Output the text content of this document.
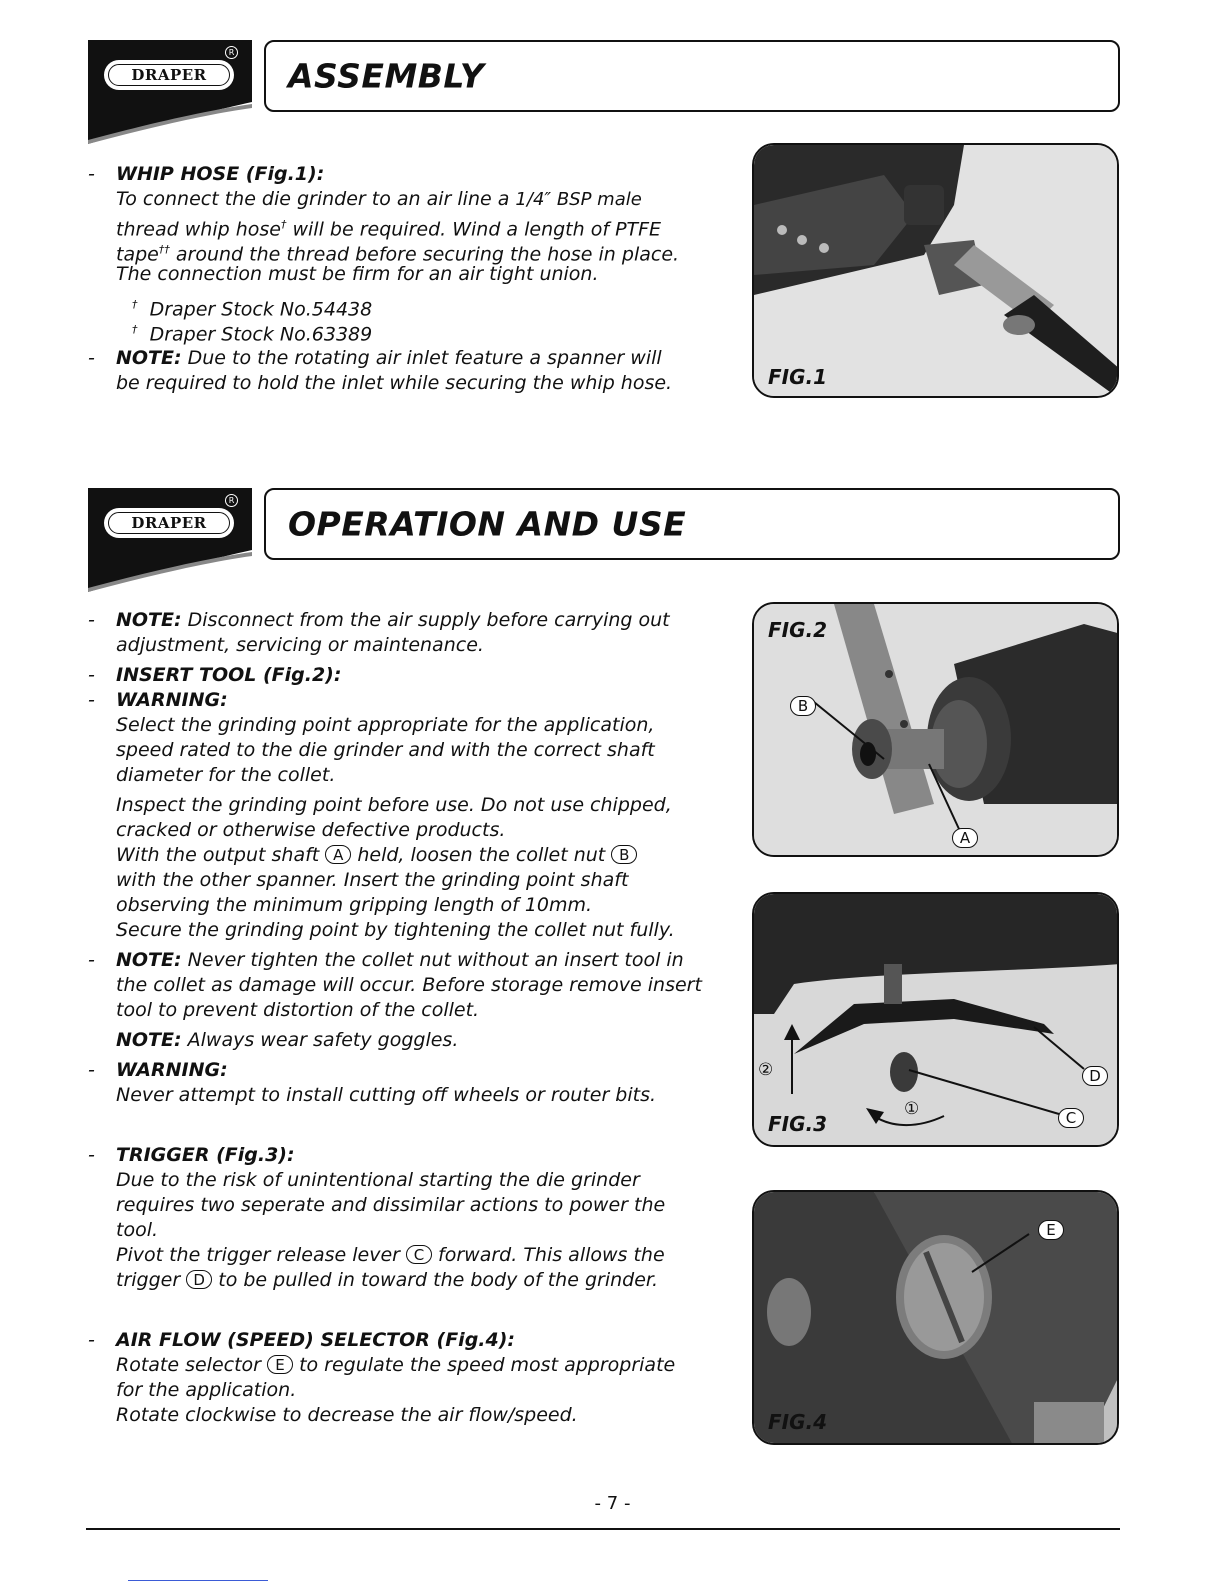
DRAPER
R
ASSEMBLY
- WHIP HOSE (Fig.1):
To connect the die grinder to an air line a 1/4″ BSP male
thread whip hose† will be required. Wind a length of PTFE
tape†† around the thread before securing the hose in place.
The connection must be firm for an air tight union.
† Draper Stock No.54438
† Draper Stock No.63389
- NOTE: Due to the rotating air inlet feature a spanner will
be required to hold the inlet while securing the whip hose.	FIG.1
DRAPER
R
OPERATION AND USE
- NOTE: Disconnect from the air supply before carrying out
adjustment, servicing or maintenance.
- INSERT TOOL (Fig.2):
- WARNING:
Select the grinding point appropriate for the application,
speed rated to the die grinder and with the correct shaft
diameter for the collet.
Inspect the grinding point before use. Do not use chipped,
cracked or otherwise defective products.
With the output shaft A held, loosen the collet nut B
with the other spanner. Insert the grinding point shaft
observing the minimum gripping length of 10mm.
Secure the grinding point by tightening the collet nut fully.
- NOTE: Never tighten the collet nut without an insert tool in
the collet as damage will occur. Before storage remove insert
tool to prevent distortion of the collet.
NOTE: Always wear safety goggles.
- WARNING:
Never attempt to install cutting off wheels or router bits.
- TRIGGER (Fig.3):
Due to the risk of unintentional starting the die grinder
requires two seperate and dissimilar actions to power the
tool.
Pivot the trigger release lever C forward. This allows the
trigger D to be pulled in toward the body of the grinder.
- AIR FLOW (SPEED) SELECTOR (Fig.4):
Rotate selector E to regulate the speed most appropriate
for the application.
Rotate clockwise to decrease the air flow/speed.
FIG.2
B
A
FIG.3
②
①
D
C
FIG.4
E
- 7 -
